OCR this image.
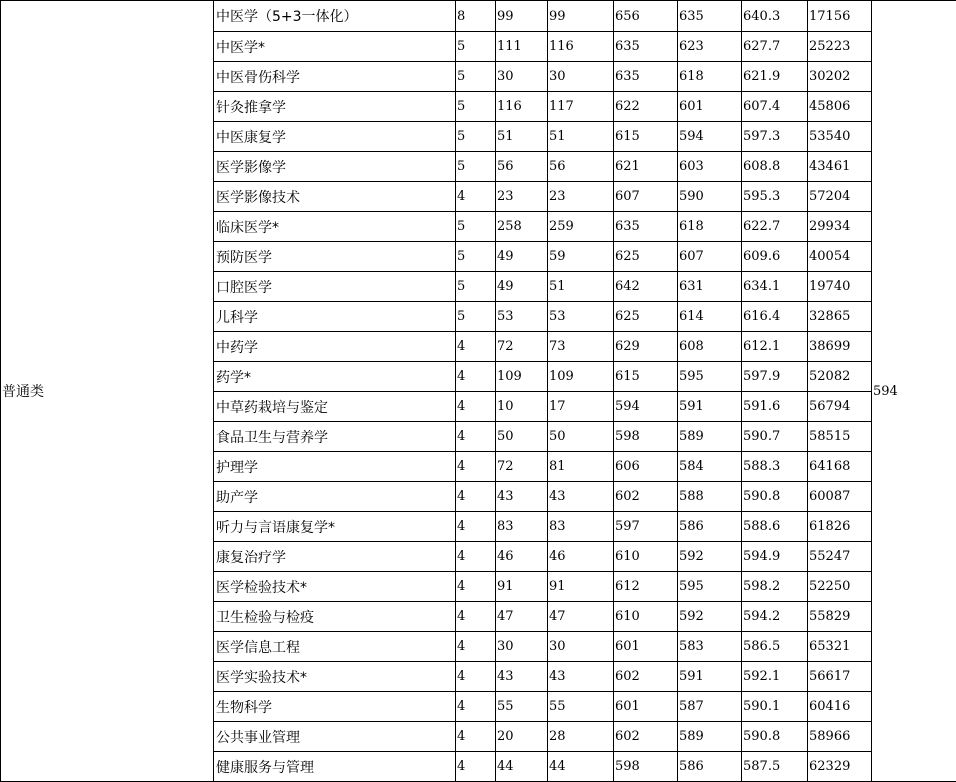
普通类	中医学（5+3一体化）	8	99	99	656	635	640.3	17156	594
	中医学*	5	111	116	635	623	627.7	25223	
	中医骨伤科学	5	30	30	635	618	621.9	30202	
	针灸推拿学	5	116	117	622	601	607.4	45806	
	中医康复学	5	51	51	615	594	597.3	53540	
	医学影像学	5	56	56	621	603	608.8	43461	
	医学影像技术	4	23	23	607	590	595.3	57204	
	临床医学*	5	258	259	635	618	622.7	29934	
	预防医学	5	49	59	625	607	609.6	40054	
	口腔医学	5	49	51	642	631	634.1	19740	
	儿科学	5	53	53	625	614	616.4	32865	
	中药学	4	72	73	629	608	612.1	38699	
	药学*	4	109	109	615	595	597.9	52082	
	中草药栽培与鉴定	4	10	17	594	591	591.6	56794	
	食品卫生与营养学	4	50	50	598	589	590.7	58515	
	护理学	4	72	81	606	584	588.3	64168	
	助产学	4	43	43	602	588	590.8	60087	
	听力与言语康复学*	4	83	83	597	586	588.6	61826	
	康复治疗学	4	46	46	610	592	594.9	55247	
	医学检验技术*	4	91	91	612	595	598.2	52250	
	卫生检验与检疫	4	47	47	610	592	594.2	55829	
	医学信息工程	4	30	30	601	583	586.5	65321	
	医学实验技术*	4	43	43	602	591	592.1	56617	
	生物科学	4	55	55	601	587	590.1	60416	
	公共事业管理	4	20	28	602	589	590.8	58966	
	健康服务与管理	4	44	44	598	586	587.5	62329	
